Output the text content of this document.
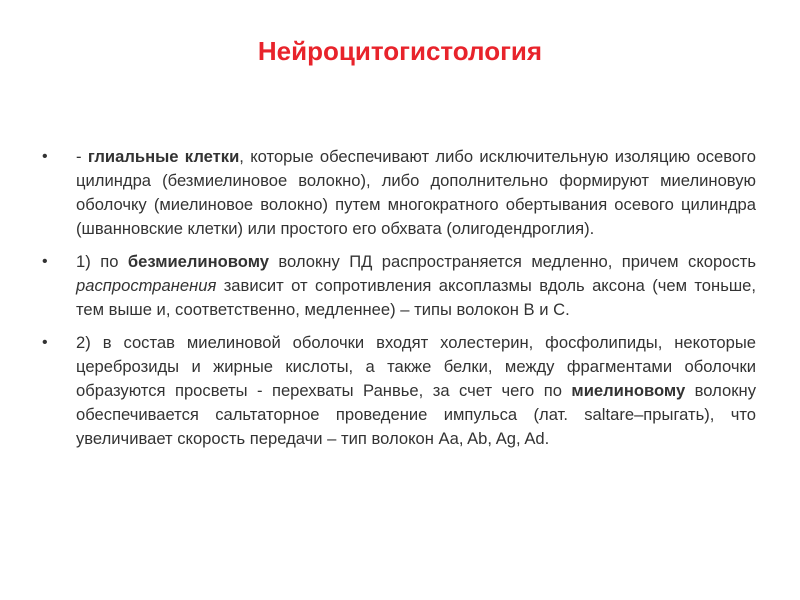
Нейроцитогистология
• - глиальные клетки, которые обеспечивают либо исключительную изоляцию осевого цилиндра (безмиелиновое волокно), либо дополнительно формируют миелиновую оболочку (миелиновое волокно) путем многократного обертывания осевого цилиндра (шванновские клетки) или простого его обхвата (олигодендроглия).
• 1) по безмиелиновому волокну ПД распространяется медленно, причем скорость распространения зависит от сопротивления аксоплазмы вдоль аксона (чем тоньше, тем выше и, соответственно, медленнее) – типы волокон В и С.
• 2) в состав миелиновой оболочки входят холестерин, фосфолипиды, некоторые цереброзиды и жирные кислоты, а также белки, между фрагментами оболочки образуются просветы - перехваты Ранвье, за счет чего по миелиновому волокну обеспечивается сальтаторное проведение импульса (лат. saltare–прыгать), что увеличивает скорость передачи – тип волокон Аa, Ab, Ag, Ad.
